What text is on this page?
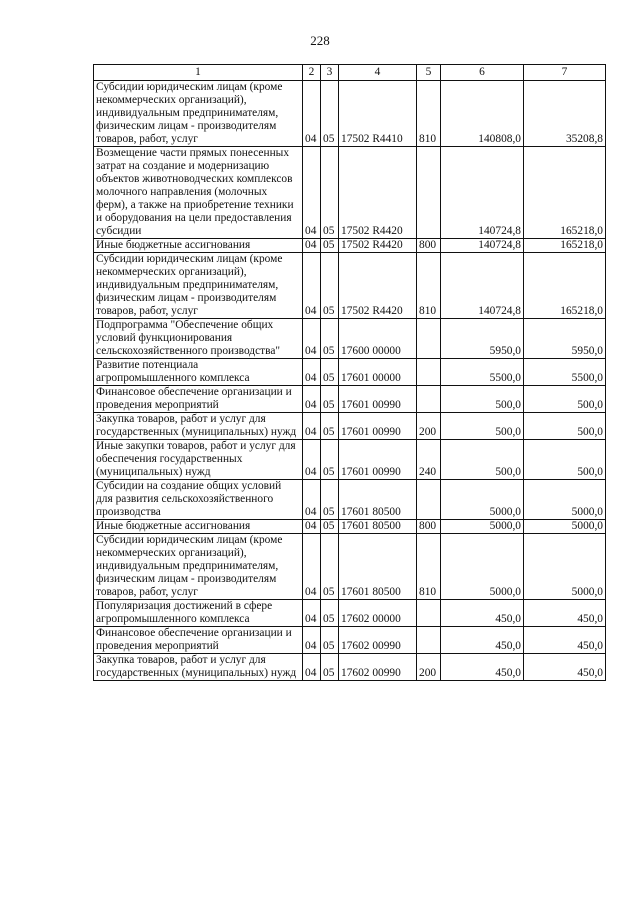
228
1	2	3	4	5	6	7
Субсидии юридическим лицам (кроме некоммерческих организаций), индивидуальным предпринимателям, физическим лицам - производителям товаров, работ, услуг	04	05	17502 R4410	810	140808,0	35208,8
Возмещение части прямых понесенных затрат на создание и модернизацию объектов животноводческих комплексов молочного направления (молочных ферм), а также на приобретение техники и оборудования на цели предоставления субсидии	04	05	17502 R4420		140724,8	165218,0
Иные бюджетные ассигнования	04	05	17502 R4420	800	140724,8	165218,0
Субсидии юридическим лицам (кроме некоммерческих организаций), индивидуальным предпринимателям, физическим лицам - производителям товаров, работ, услуг	04	05	17502 R4420	810	140724,8	165218,0
Подпрограмма "Обеспечение общих условий функционирования сельскохозяйственного производства"	04	05	17600 00000		5950,0	5950,0
Развитие потенциала агропромышленного комплекса	04	05	17601 00000		5500,0	5500,0
Финансовое обеспечение организации и проведения мероприятий	04	05	17601 00990		500,0	500,0
Закупка товаров, работ и услуг для государственных (муниципальных) нужд	04	05	17601 00990	200	500,0	500,0
Иные закупки товаров, работ и услуг для обеспечения государственных (муниципальных) нужд	04	05	17601 00990	240	500,0	500,0
Субсидии на создание общих условий для развития сельскохозяйственного производства	04	05	17601 80500		5000,0	5000,0
Иные бюджетные ассигнования	04	05	17601 80500	800	5000,0	5000,0
Субсидии юридическим лицам (кроме некоммерческих организаций), индивидуальным предпринимателям, физическим лицам - производителям товаров, работ, услуг	04	05	17601 80500	810	5000,0	5000,0
Популяризация достижений в сфере агропромышленного комплекса	04	05	17602 00000		450,0	450,0
Финансовое обеспечение организации и проведения мероприятий	04	05	17602 00990		450,0	450,0
Закупка товаров, работ и услуг для государственных (муниципальных) нужд	04	05	17602 00990	200	450,0	450,0
